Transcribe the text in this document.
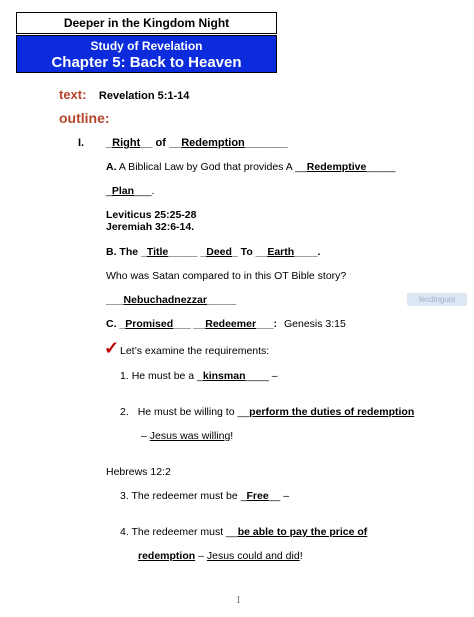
Deeper in the Kingdom Night
Study of Revelation
Chapter 5: Back to Heaven
text: Revelation 5:1-14
outline:
I. _Right__ of __Redemption_______
A. A Biblical Law by God that provides A __Redemptive_____
_Plan___.
Leviticus 25:25-28
Jeremiah 32:6-14.
B. The _Title_____ _Deed_ To __Earth____.
Who was Satan compared to in this OT Bible story?
___Nebuchadnezzar_____	lecdinguoi
C. _Promised___ __Redeemer___: Genesis 3:15
✓ Let’s examine the requirements:
1. He must be a _kinsman____ –
2. He must be willing to __perform the duties of redemption
– Jesus was willing!
Hebrews 12:2
3. The redeemer must be _Free__ –
4. The redeemer must __be able to pay the price of
redemption – Jesus could and did!
1
